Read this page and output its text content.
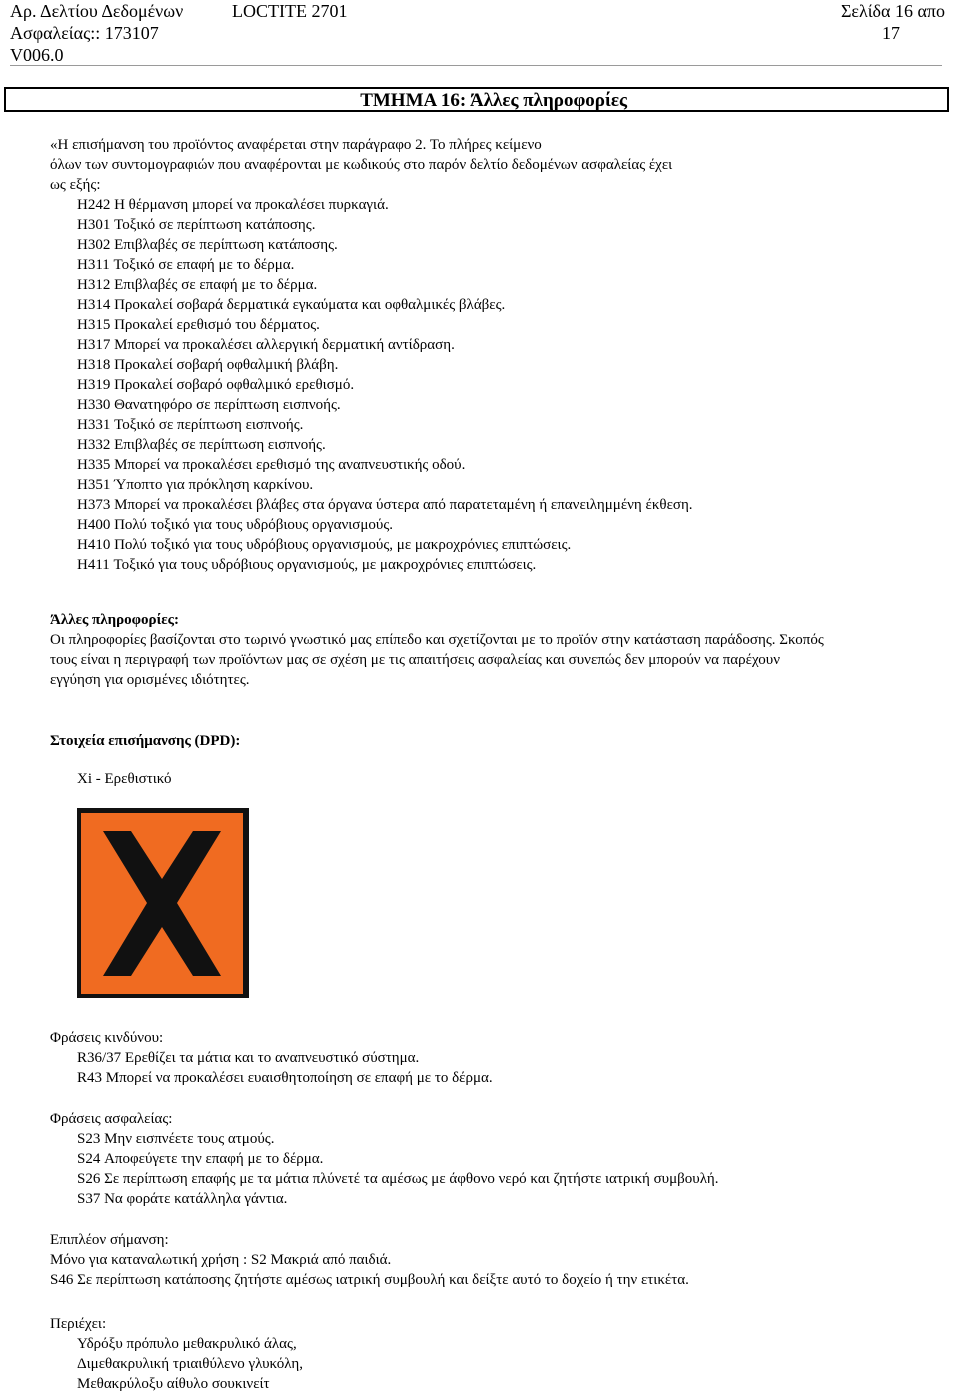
Αρ. Δελτίου Δεδομένων
Ασφαλείας:: 173107
V006.0
LOCTITE 2701	Σελίδα 16 απο
17
ΤΜΗΜΑ 16: Άλλες πληροφορίες

«Η επισήμανση του προϊόντος αναφέρεται στην παράγραφο 2. Το πλήρες κείμενο

όλων των συντομογραφιών που αναφέρονται με κωδικούς στο παρόν δελτίο δεδομένων ασφαλείας έχει

ως εξής:

H242 Η θέρμανση μπορεί να προκαλέσει πυρκαγιά.

H301 Τοξικό σε περίπτωση κατάποσης.

H302 Επιβλαβές σε περίπτωση κατάποσης.

H311 Τοξικό σε επαφή με το δέρμα.

H312 Επιβλαβές σε επαφή με το δέρμα.

H314 Προκαλεί σοβαρά δερματικά εγκαύματα και οφθαλμικές βλάβες.

H315 Προκαλεί ερεθισμό του δέρματος.

H317 Μπορεί να προκαλέσει αλλεργική δερματική αντίδραση.

H318 Προκαλεί σοβαρή οφθαλμική βλάβη.

H319 Προκαλεί σοβαρό οφθαλμικό ερεθισμό.

H330 Θανατηφόρο σε περίπτωση εισπνοής.

H331 Τοξικό σε περίπτωση εισπνοής.

H332 Επιβλαβές σε περίπτωση εισπνοής.

H335 Μπορεί να προκαλέσει ερεθισμό της αναπνευστικής οδού.

H351 Ύποπτο για πρόκληση καρκίνου.

H373 Μπορεί να προκαλέσει βλάβες στα όργανα ύστερα από παρατεταμένη ή επανειλημμένη έκθεση.

H400 Πολύ τοξικό για τους υδρόβιους οργανισμούς.

H410 Πολύ τοξικό για τους υδρόβιους οργανισμούς, με μακροχρόνιες επιπτώσεις.

H411 Τοξικό για τους υδρόβιους οργανισμούς, με μακροχρόνιες επιπτώσεις.

Άλλες πληροφορίες:

Οι πληροφορίες βασίζονται στο τωρινό γνωστικό μας επίπεδο και σχετίζονται με το προϊόν στην κατάσταση παράδοσης. Σκοπός

τους είναι η περιγραφή των προϊόντων μας σε σχέση με τις απαιτήσεις ασφαλείας και συνεπώς δεν μπορούν να παρέχουν

εγγύηση για ορισμένες ιδιότητες.

Στοιχεία επισήμανσης (DPD):

Xi - Ερεθιστικό

Φράσεις κινδύνου:

R36/37 Ερεθίζει τα μάτια και το αναπνευστικό σύστημα.

R43 Μπορεί να προκαλέσει ευαισθητοποίηση σε επαφή με το δέρμα.

Φράσεις ασφαλείας:

S23 Μην εισπνέετε τους ατμούς.

S24 Αποφεύγετε την επαφή με το δέρμα.

S26 Σε περίπτωση επαφής με τα μάτια πλύνετέ τα αμέσως με άφθονο νερό και ζητήστε ιατρική συμβουλή.

S37 Να φοράτε κατάλληλα γάντια.

Επιπλέον σήμανση:

Μόνο για καταναλωτική χρήση : S2 Μακριά από παιδιά.

S46 Σε περίπτωση κατάποσης ζητήστε αμέσως ιατρική συμβουλή και δείξτε αυτό το δοχείο ή την ετικέτα.

Περιέχει:

Υδρόξυ πρόπυλο μεθακρυλικό άλας,

Διμεθακρυλική τριαιθύλενο γλυκόλη,

Μεθακρύλοξυ αίθυλο σουκινείτ
